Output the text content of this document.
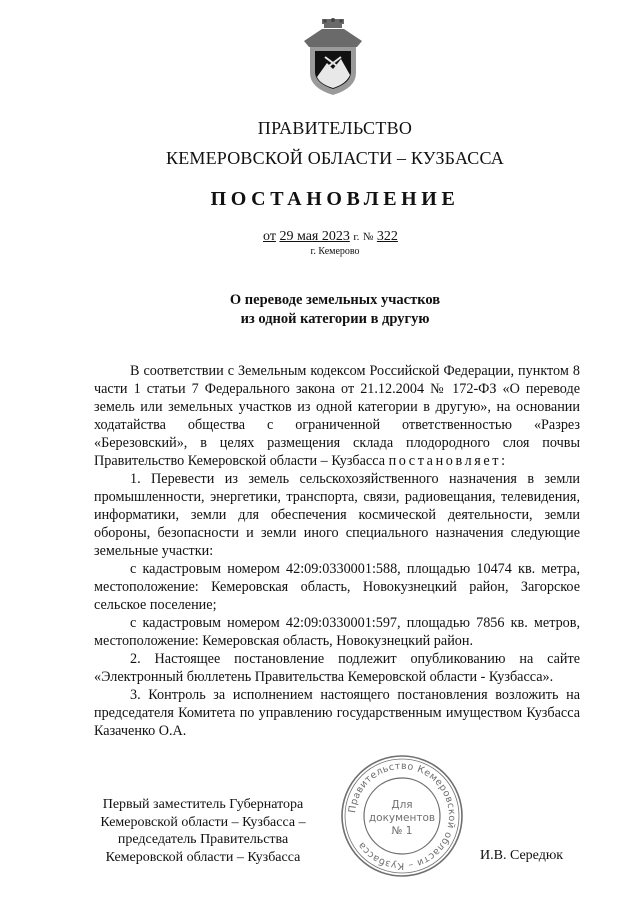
ПРАВИТЕЛЬСТВО
КЕМЕРОВСКОЙ ОБЛАСТИ – КУЗБАССА
ПОСТАНОВЛЕНИЕ
от 29 мая 2023 г. № 322
г. Кемерово
О переводе земельных участков
из одной категории в другую

В соответствии с Земельным кодексом Российской Федерации, пунктом 8 части 1 статьи 7 Федерального закона от 21.12.2004 № 172-ФЗ «О переводе земель или земельных участков из одной категории в другую», на основании ходатайства общества с ограниченной ответственностью «Разрез «Березовский», в целях размещения склада плодородного слоя почвы Правительство Кемеровской области – Кузбасса постановляет:

1. Перевести из земель сельскохозяйственного назначения в земли промышленности, энергетики, транспорта, связи, радиовещания, телевидения, информатики, земли для обеспечения космической деятельности, земли обороны, безопасности и земли иного специального назначения следующие земельные участки:

с кадастровым номером 42:09:0330001:588, площадью 10474 кв. метра, местоположение: Кемеровская область, Новокузнецкий район, Загорское сельское поселение;

с кадастровым номером 42:09:0330001:597, площадью 7856 кв. метров, местоположение: Кемеровская область, Новокузнецкий район.

2. Настоящее постановление подлежит опубликованию на сайте «Электронный бюллетень Правительства Кемеровской области - Кузбасса».

3. Контроль за исполнением настоящего постановления возложить на председателя Комитета по управлению государственным имуществом Кузбасса Казаченко О.А.

Первый заместитель Губернатора
Кемеровской области – Кузбасса –
председатель Правительства
Кемеровской области – Кузбасса
Правительство Кемеровской области – Кузбасса
Для
документов
№ 1
И.В. Середюк
